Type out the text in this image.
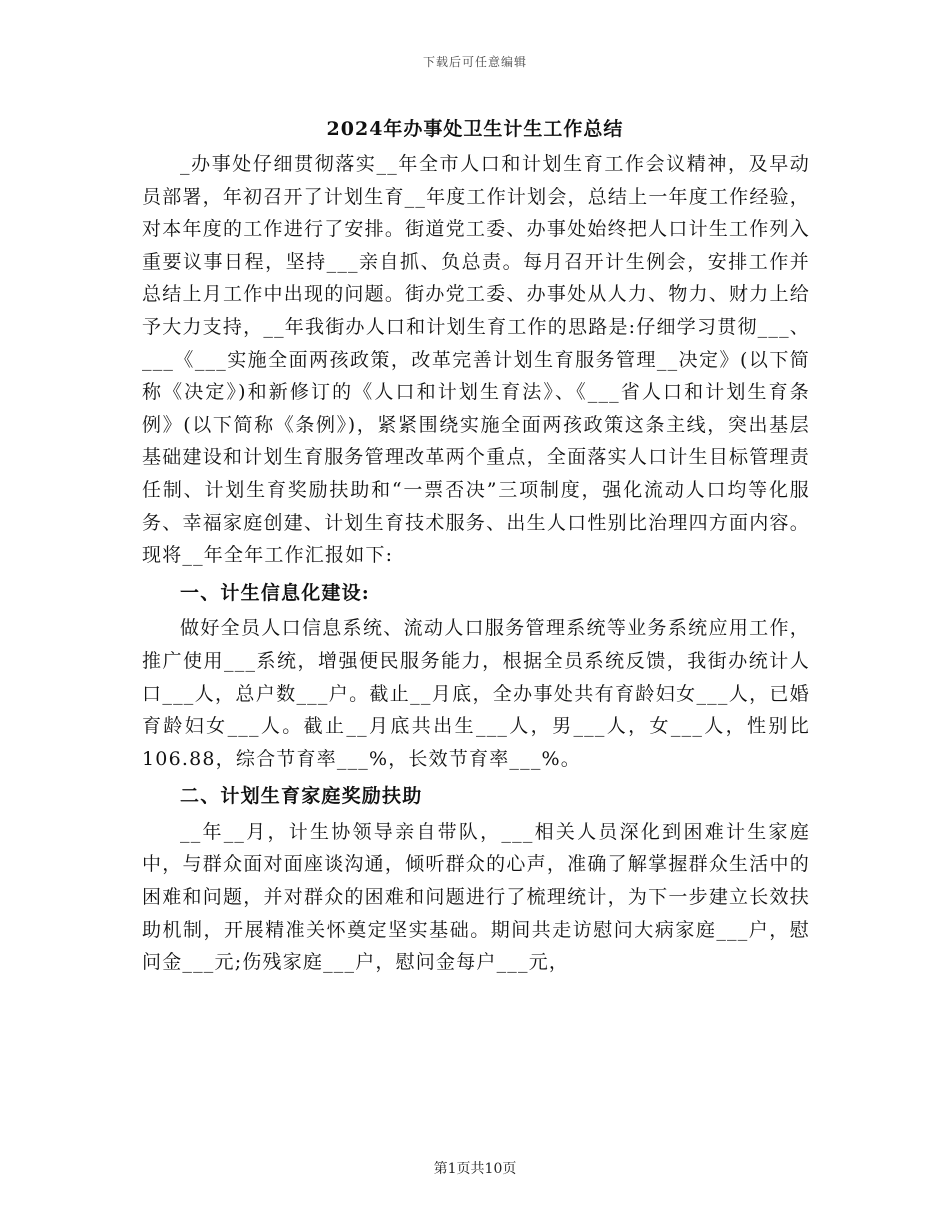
下载后可任意编辑
2024年办事处卫生计生工作总结

_办事处仔细贯彻落实__年全市人口和计划生育工作会议精神，及早动员部署，年初召开了计划生育__年度工作计划会，总结上一年度工作经验，对本年度的工作进行了安排。街道党工委、办事处始终把人口计生工作列入重要议事日程，坚持___亲自抓、负总责。每月召开计生例会，安排工作并总结上月工作中出现的问题。街办党工委、办事处从人力、物力、财力上给予大力支持，__年我街办人口和计划生育工作的思路是:仔细学习贯彻___、___《___实施全面两孩政策，改革完善计划生育服务管理__决定》(以下简称《决定》)和新修订的《人口和计划生育法》、《___省人口和计划生育条例》(以下简称《条例》)，紧紧围绕实施全面两孩政策这条主线，突出基层基础建设和计划生育服务管理改革两个重点，全面落实人口计生目标管理责任制、计划生育奖励扶助和“一票否决”三项制度，强化流动人口均等化服务、幸福家庭创建、计划生育技术服务、出生人口性别比治理四方面内容。现将__年全年工作汇报如下:

一、计生信息化建设:

做好全员人口信息系统、流动人口服务管理系统等业务系统应用工作，推广使用___系统，增强便民服务能力，根据全员系统反馈，我街办统计人口___人，总户数___户。截止__月底，全办事处共有育龄妇女___人，已婚育龄妇女___人。截止__月底共出生___人，男___人，女___人，性别比106.88，综合节育率___%，长效节育率___%。

二、计划生育家庭奖励扶助

__年__月，计生协领导亲自带队，___相关人员深化到困难计生家庭中，与群众面对面座谈沟通，倾听群众的心声，准确了解掌握群众生活中的困难和问题，并对群众的困难和问题进行了梳理统计，为下一步建立长效扶助机制，开展精准关怀奠定坚实基础。期间共走访慰问大病家庭___户，慰问金___元;伤残家庭___户，慰问金每户___元，

第1页共10页
